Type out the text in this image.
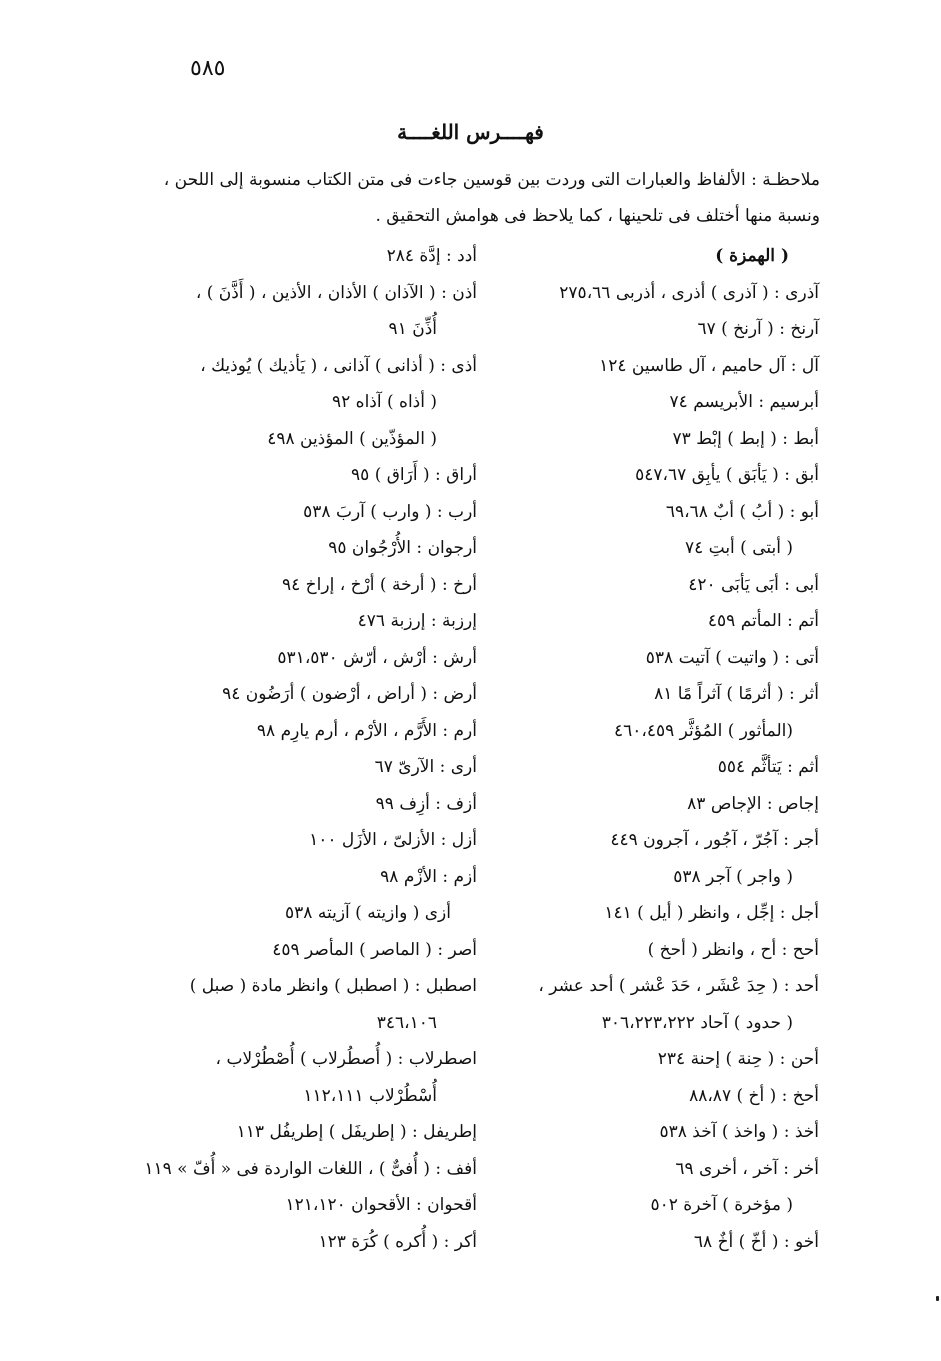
٥٨٥
فهــــرس اللغــــة
ملاحظـة : الألفاظ والعبارات التى وردت بين قوسين جاءت فى متن الكتاب منسوبة إلى اللحن ،
ونسبة منها أختلف فى تلحينها ، كما يلاحظ فى هوامش التحقيق .
( الهمزة )
آذرى : ( آذرى ) أذرى ، أذربى ٢٧٥،٦٦
آرنخ : ( آرنخ ) ٦٧
آل : آل حاميم ، آل طاسين ١٢٤
أبرسيم : الأبريسم ٧٤
أبط : ( إبط ) إبْط ٧٣
أبق : ( يَأبَق ) يأبِق ٥٤٧،٦٧
أبو : ( أبُ ) أبٌ ٦٩،٦٨
( أبتى ) أبتِ ٧٤
أبى : أبَى يَأبَى ٤٢٠
أتم : المأتم ٤٥٩
أتى : ( واتيت ) آتيت ٥٣٨
أثر : ( أثرمًا ) آثراً مًا ٨١
(المأثور ) المُؤثَّر ٤٦٠،٤٥٩
أثم : يَتأثَّم ٥٥٤
إجاص : الإجاص ٨٣
أجر : آجُرّ ، آجُور ، آجرون ٤٤٩
( واجر ) آجر ٥٣٨
أجل : إجِّل ، وانظر ( أيل ) ١٤١
أحح : أح ، وانظر ( أحخ )
أحد : ( حِدَ عْشَر ، حَدَ عْشر ) أحد عشر ،
( حدود ) آحاد ٣٠٦،٢٢٣،٢٢٢
أحن : ( حِنة ) إحنة ٢٣٤
أحخ : ( أخ ) ٨٨،٨٧
أخذ : ( واخذ ) آخذ ٥٣٨
أخر : آخر ، أخرى ٦٩
( مؤخرة ) آخرة ٥٠٢
أخو : ( أخّ ) أخٌ ٦٨
أدد : إدَّة ٢٨٤
أذن : ( الآذان ) الأذان ، الأذين ، ( أَذَّنَ ) ،
أُذِّنَ ٩١
أذى : ( أذانى ) آذانى ، ( يَأذيك ) يُوذيك ،
( أذاه ) آذاه ٩٢
( المؤذّين ) المؤذين ٤٩٨
أراق : ( أَرَاق ) ٩٥
أرب : ( وارب ) آربَ ٥٣٨
أرجوان : الأُرْجُوان ٩٥
أرخ : ( أرخة ) أرْخ ، إراخ ٩٤
إرزبة : إرزبة ٤٧٦
أرش : أرْش ، أرّش ٥٣١،٥٣٠
أرض : ( أراض ، أرْضون ) أرَضُون ٩٤
أرم : الأَرَّم ، الأرْم ، أرم يارِم ٩٨
أرى : الآرىّ ٦٧
أزف : أزِف ٩٩
أزل : الأزلىّ ، الأزَل ١٠٠
أزم : الأزْم ٩٨
أزى ( وازيته ) آزيته ٥٣٨
أصر : ( الماصر ) المأصر ٤٥٩
اصطبل : ( اصطبل ) وانظر مادة ( صبل )
٣٤٦،١٠٦
اصطرلاب : ( أُصطُرلاب ) أُصْطُرْلاب ،
أُسْطُرْلاب ١١٢،١١١
إطريفل : ( إطريفَل ) إطريفُل ١١٣
أفف : ( أُفىٌّ ) ، اللغات الواردة فى « أُفّ » ١١٩
أقحوان : الأقحوان ١٢١،١٢٠
أكر : ( أُكره ) كُرَة ١٢٣
